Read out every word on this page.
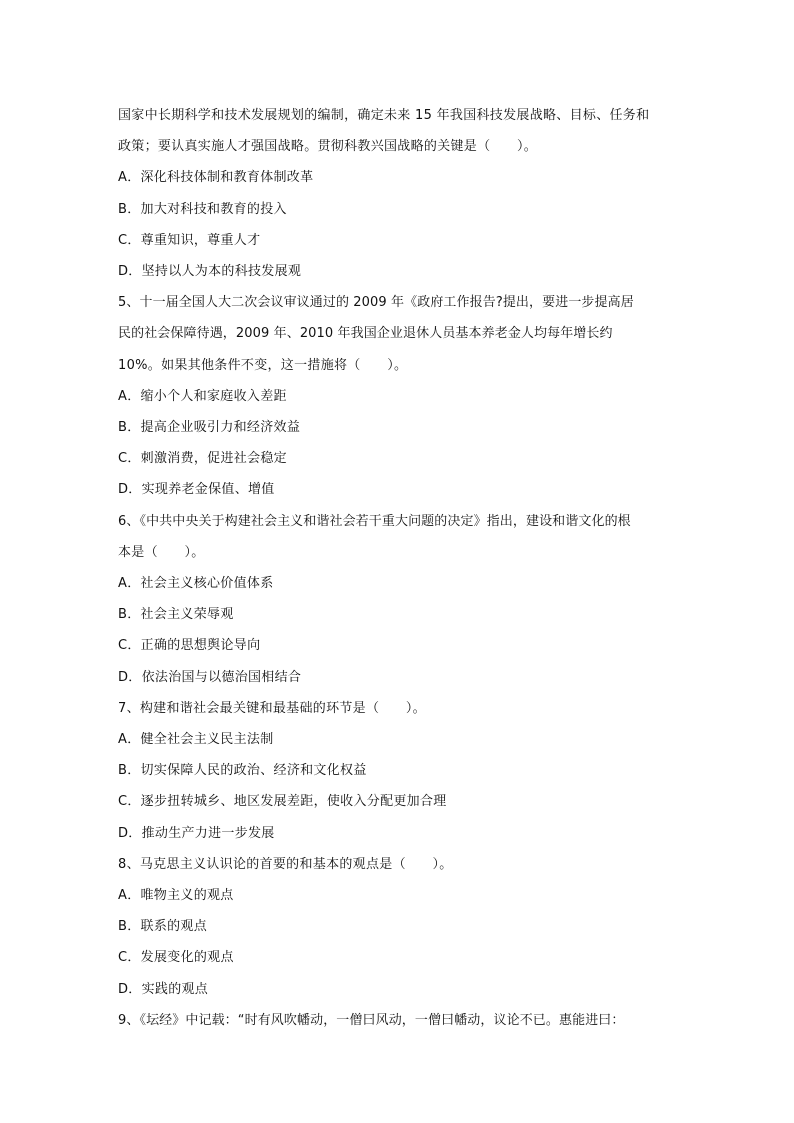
国家中长期科学和技术发展规划的编制，确定未来 15 年我国科技发展战略、目标、任务和
政策；要认真实施人才强国战略。贯彻科教兴国战略的关键是（　　）。
A．深化科技体制和教育体制改革
B．加大对科技和教育的投入
C．尊重知识，尊重人才
D．坚持以人为本的科技发展观
5、十一届全国人大二次会议审议通过的 2009 年《政府工作报告?提出，要进一步提高居
民的社会保障待遇，2009 年、2010 年我国企业退休人员基本养老金人均每年增长约
10%。如果其他条件不变，这一措施将（　　）。
A．缩小个人和家庭收入差距
B．提高企业吸引力和经济效益
C．刺激消费，促进社会稳定
D．实现养老金保值、增值
6、《中共中央关于构建社会主义和谐社会若干重大问题的决定》指出，建设和谐文化的根
本是（　　）。
A．社会主义核心价值体系
B．社会主义荣辱观
C．正确的思想舆论导向
D．依法治国与以德治国相结合
7、构建和谐社会最关键和最基础的环节是（　　）。
A．健全社会主义民主法制
B．切实保障人民的政治、经济和文化权益
C．逐步扭转城乡、地区发展差距，使收入分配更加合理
D．推动生产力进一步发展
8、马克思主义认识论的首要的和基本的观点是（　　）。
A．唯物主义的观点
B．联系的观点
C．发展变化的观点
D．实践的观点
9、《坛经》中记载：“时有风吹幡动，一僧曰风动，一僧曰幡动，议论不已。惠能进曰：
